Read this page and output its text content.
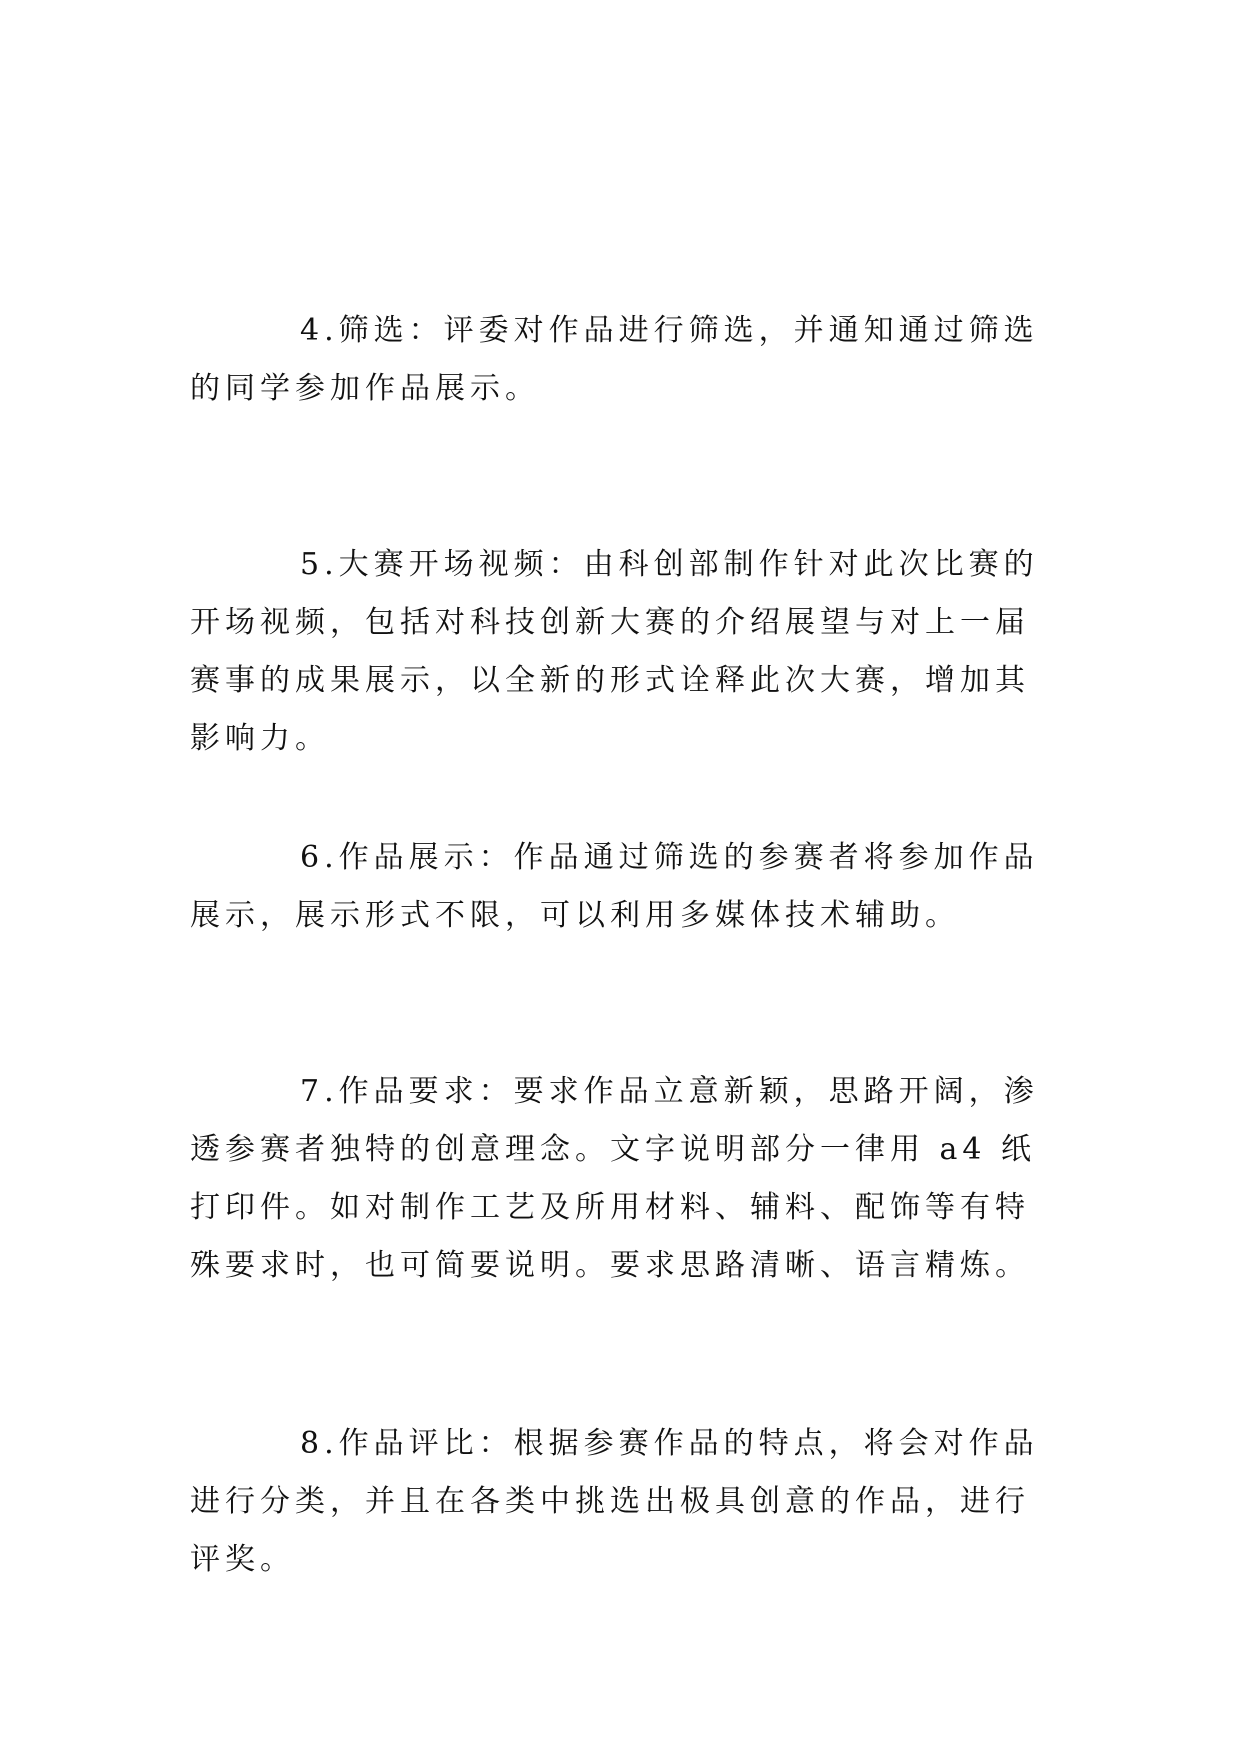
4.筛选：评委对作品进行筛选，并通知通过筛选的同学参加作品展示。

5.大赛开场视频：由科创部制作针对此次比赛的开场视频，包括对科技创新大赛的介绍展望与对上一届赛事的成果展示，以全新的形式诠释此次大赛，增加其影响力。

6.作品展示：作品通过筛选的参赛者将参加作品展示，展示形式不限，可以利用多媒体技术辅助。

7.作品要求：要求作品立意新颖，思路开阔，渗透参赛者独特的创意理念。文字说明部分一律用 a4 纸打印件。如对制作工艺及所用材料、辅料、配饰等有特殊要求时，也可简要说明。要求思路清晰、语言精炼。

8.作品评比：根据参赛作品的特点，将会对作品进行分类，并且在各类中挑选出极具创意的作品，进行评奖。
